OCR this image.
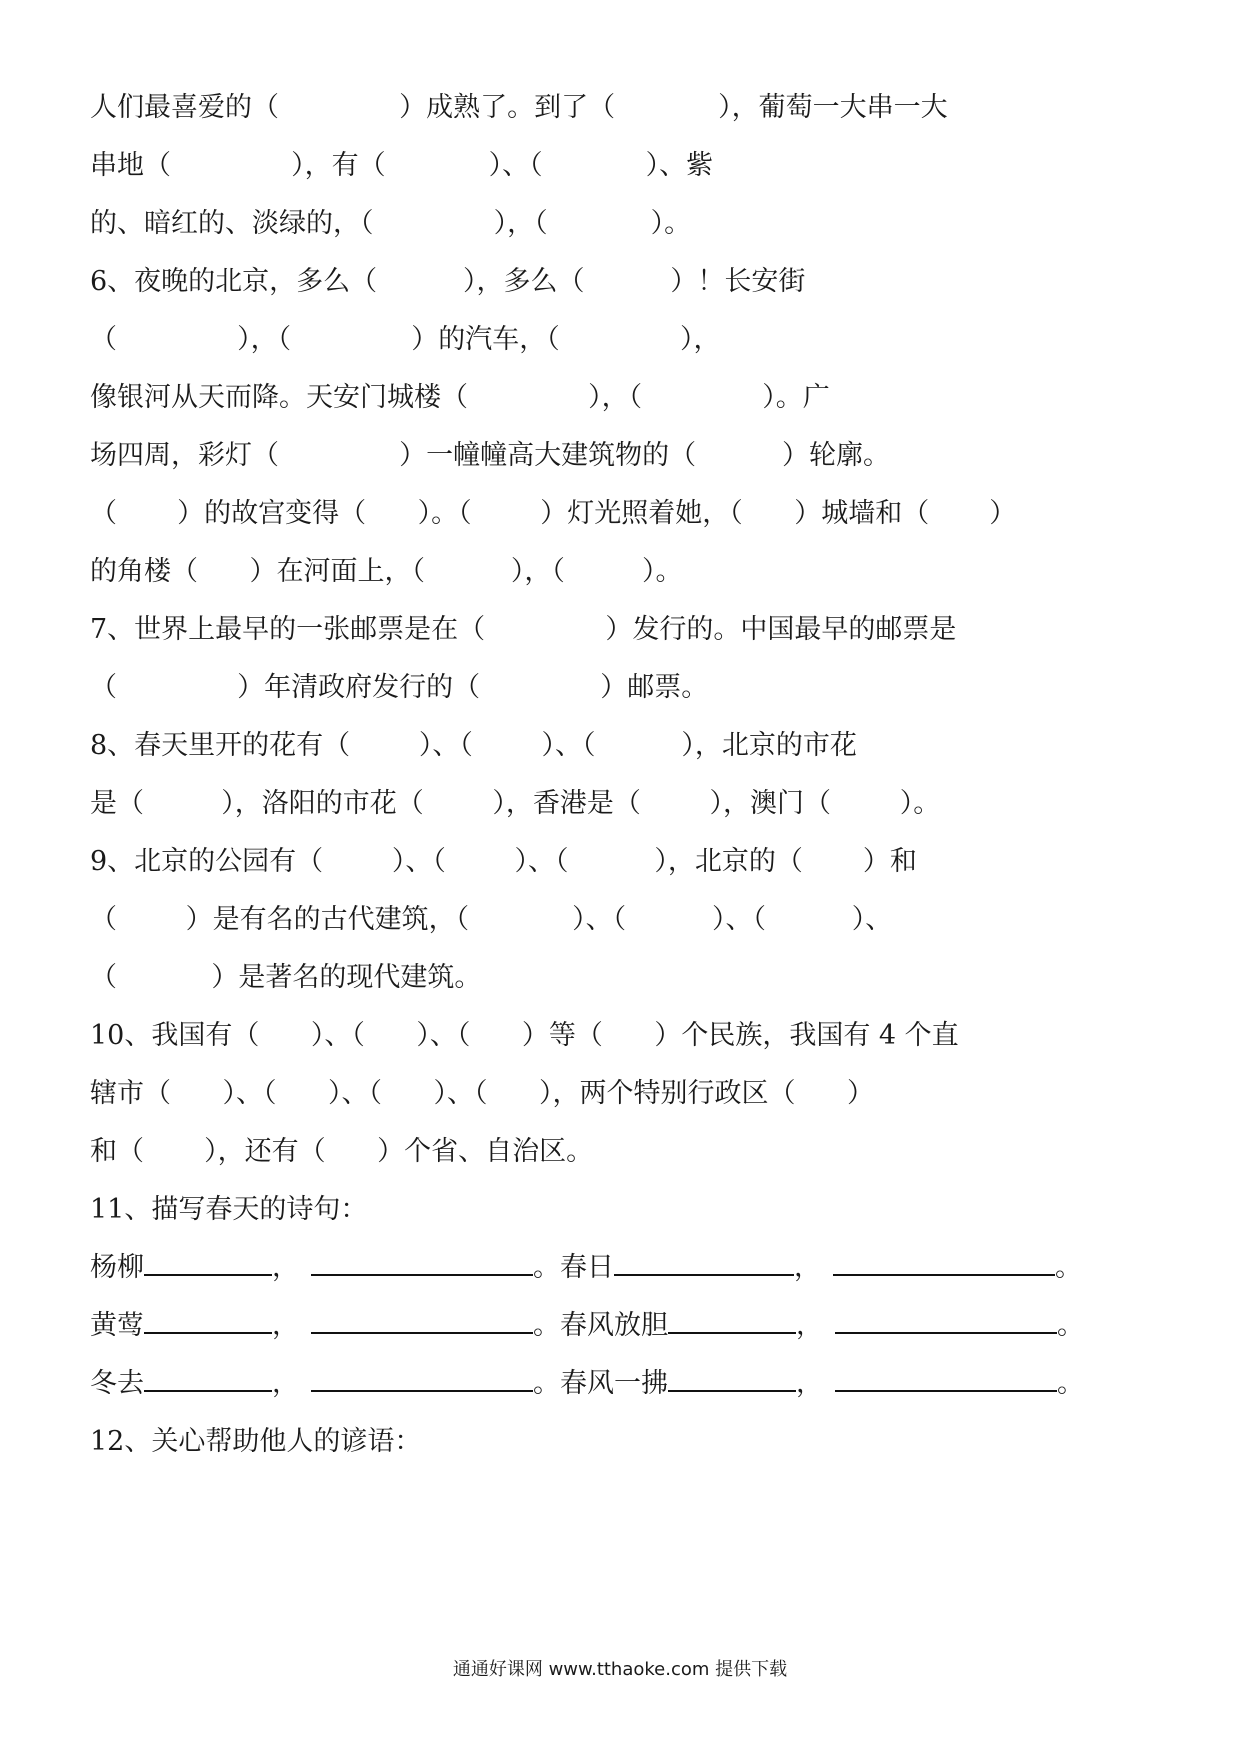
人们最喜爱的（              ）成熟了。到了（            ），葡萄一大串一大
串地（              ），有（            ）、（            ）、紫
的、暗红的、淡绿的，（              ），（            ）。
6、夜晚的北京，多么（          ），多么（          ）！长安街
（              ），（              ）的汽车，（              ），
像银河从天而降。天安门城楼（              ），（              ）。广
场四周，彩灯（              ）一幢幢高大建筑物的（          ）轮廓。
（       ）的故宫变得（      ）。（        ）灯光照着她，（      ）城墙和（       ）
的角楼（      ）在河面上，（          ），（         ）。
7、世界上最早的一张邮票是在（              ）发行的。中国最早的邮票是
（              ）年清政府发行的（              ）邮票。
8、春天里开的花有（        ）、（        ）、（          ），北京的市花
是（         ），洛阳的市花（        ），香港是（        ），澳门（        ）。
9、北京的公园有（        ）、（        ）、（          ），北京的（       ）和
（        ）是有名的古代建筑，（            ）、（          ）、（          ）、
（           ）是著名的现代建筑。
10、我国有（      ）、（      ）、（      ）等（      ）个民族，我国有 4 个直
辖市（      ）、（      ）、（      ）、（      ），两个特别行政区（      ）
和（       ），还有（      ）个省、自治区。
11、描写春天的诗句：
杨柳	，	。春日	，	。
黄莺	，	。春风放胆	，	。
冬去	，	。春风一拂	，	。
12、关心帮助他人的谚语：
通通好课网 www.tthaoke.com 提供下载
